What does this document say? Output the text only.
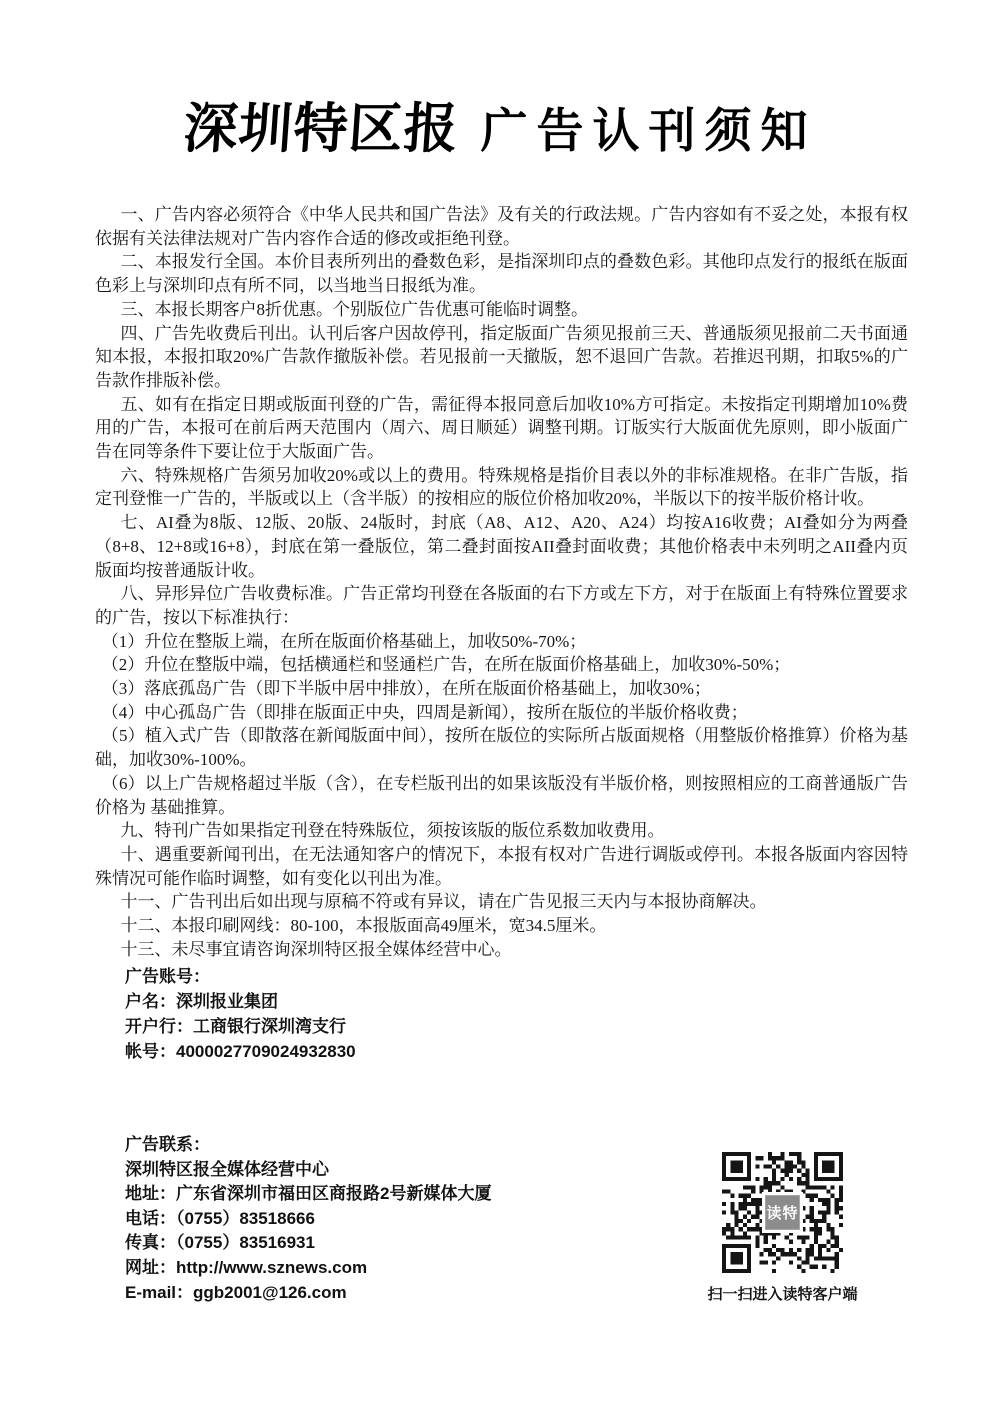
深圳特区报 广告认刊须知

一、广告内容必须符合《中华人民共和国广告法》及有关的行政法规。广告内容如有不妥之处，本报有权依据有关法律法规对广告内容作合适的修改或拒绝刊登。

二、本报发行全国。本价目表所列出的叠数色彩，是指深圳印点的叠数色彩。其他印点发行的报纸在版面色彩上与深圳印点有所不同，以当地当日报纸为准。

三、本报长期客户8折优惠。个别版位广告优惠可能临时调整。

四、广告先收费后刊出。认刊后客户因故停刊，指定版面广告须见报前三天、普通版须见报前二天书面通知本报，本报扣取20%广告款作撤版补偿。若见报前一天撤版，恕不退回广告款。若推迟刊期，扣取5%的广告款作排版补偿。

五、如有在指定日期或版面刊登的广告，需征得本报同意后加收10%方可指定。未按指定刊期增加10%费用的广告，本报可在前后两天范围内（周六、周日顺延）调整刊期。订版实行大版面优先原则，即小版面广告在同等条件下要让位于大版面广告。

六、特殊规格广告须另加收20%或以上的费用。特殊规格是指价目表以外的非标准规格。在非广告版，指定刊登惟一广告的，半版或以上（含半版）的按相应的版位价格加收20%，半版以下的按半版价格计收。

七、AI叠为8版、12版、20版、24版时，封底（A8、A12、A20、A24）均按A16收费；AI叠如分为两叠（8+8、12+8或16+8），封底在第一叠版位，第二叠封面按AII叠封面收费；其他价格表中未列明之AII叠内页版面均按普通版计收。

八、异形异位广告收费标准。广告正常均刊登在各版面的右下方或左下方，对于在版面上有特殊位置要求的广告，按以下标准执行：

（1）升位在整版上端，在所在版面价格基础上，加收50%-70%；

（2）升位在整版中端，包括横通栏和竖通栏广告，在所在版面价格基础上，加收30%-50%；

（3）落底孤岛广告（即下半版中居中排放），在所在版面价格基础上，加收30%；

（4）中心孤岛广告（即排在版面正中央，四周是新闻），按所在版位的半版价格收费；

（5）植入式广告（即散落在新闻版面中间），按所在版位的实际所占版面规格（用整版价格推算）价格为基础，加收30%-100%。

（6）以上广告规格超过半版（含），在专栏版刊出的如果该版没有半版价格，则按照相应的工商普通版广告价格为 基础推算。

九、特刊广告如果指定刊登在特殊版位，须按该版的版位系数加收费用。

十、遇重要新闻刊出，在无法通知客户的情况下，本报有权对广告进行调版或停刊。本报各版面内容因特殊情况可能作临时调整，如有变化以刊出为准。

十一、广告刊出后如出现与原稿不符或有异议，请在广告见报三天内与本报协商解决。

十二、本报印刷网线：80-100，本报版面高49厘米，宽34.5厘米。

十三、未尽事宜请咨询深圳特区报全媒体经营中心。

广告账号：

户名：深圳报业集团

开户行：工商银行深圳湾支行

帐号：4000027709024932830

广告联系：

深圳特区报全媒体经营中心

地址：广东省深圳市福田区商报路2号新媒体大厦

电话：（0755）83518666

传真：（0755）83516931

网址：http://www.sznews.com

E-mail：ggb2001@126.com

读特
扫一扫进入读特客户端
